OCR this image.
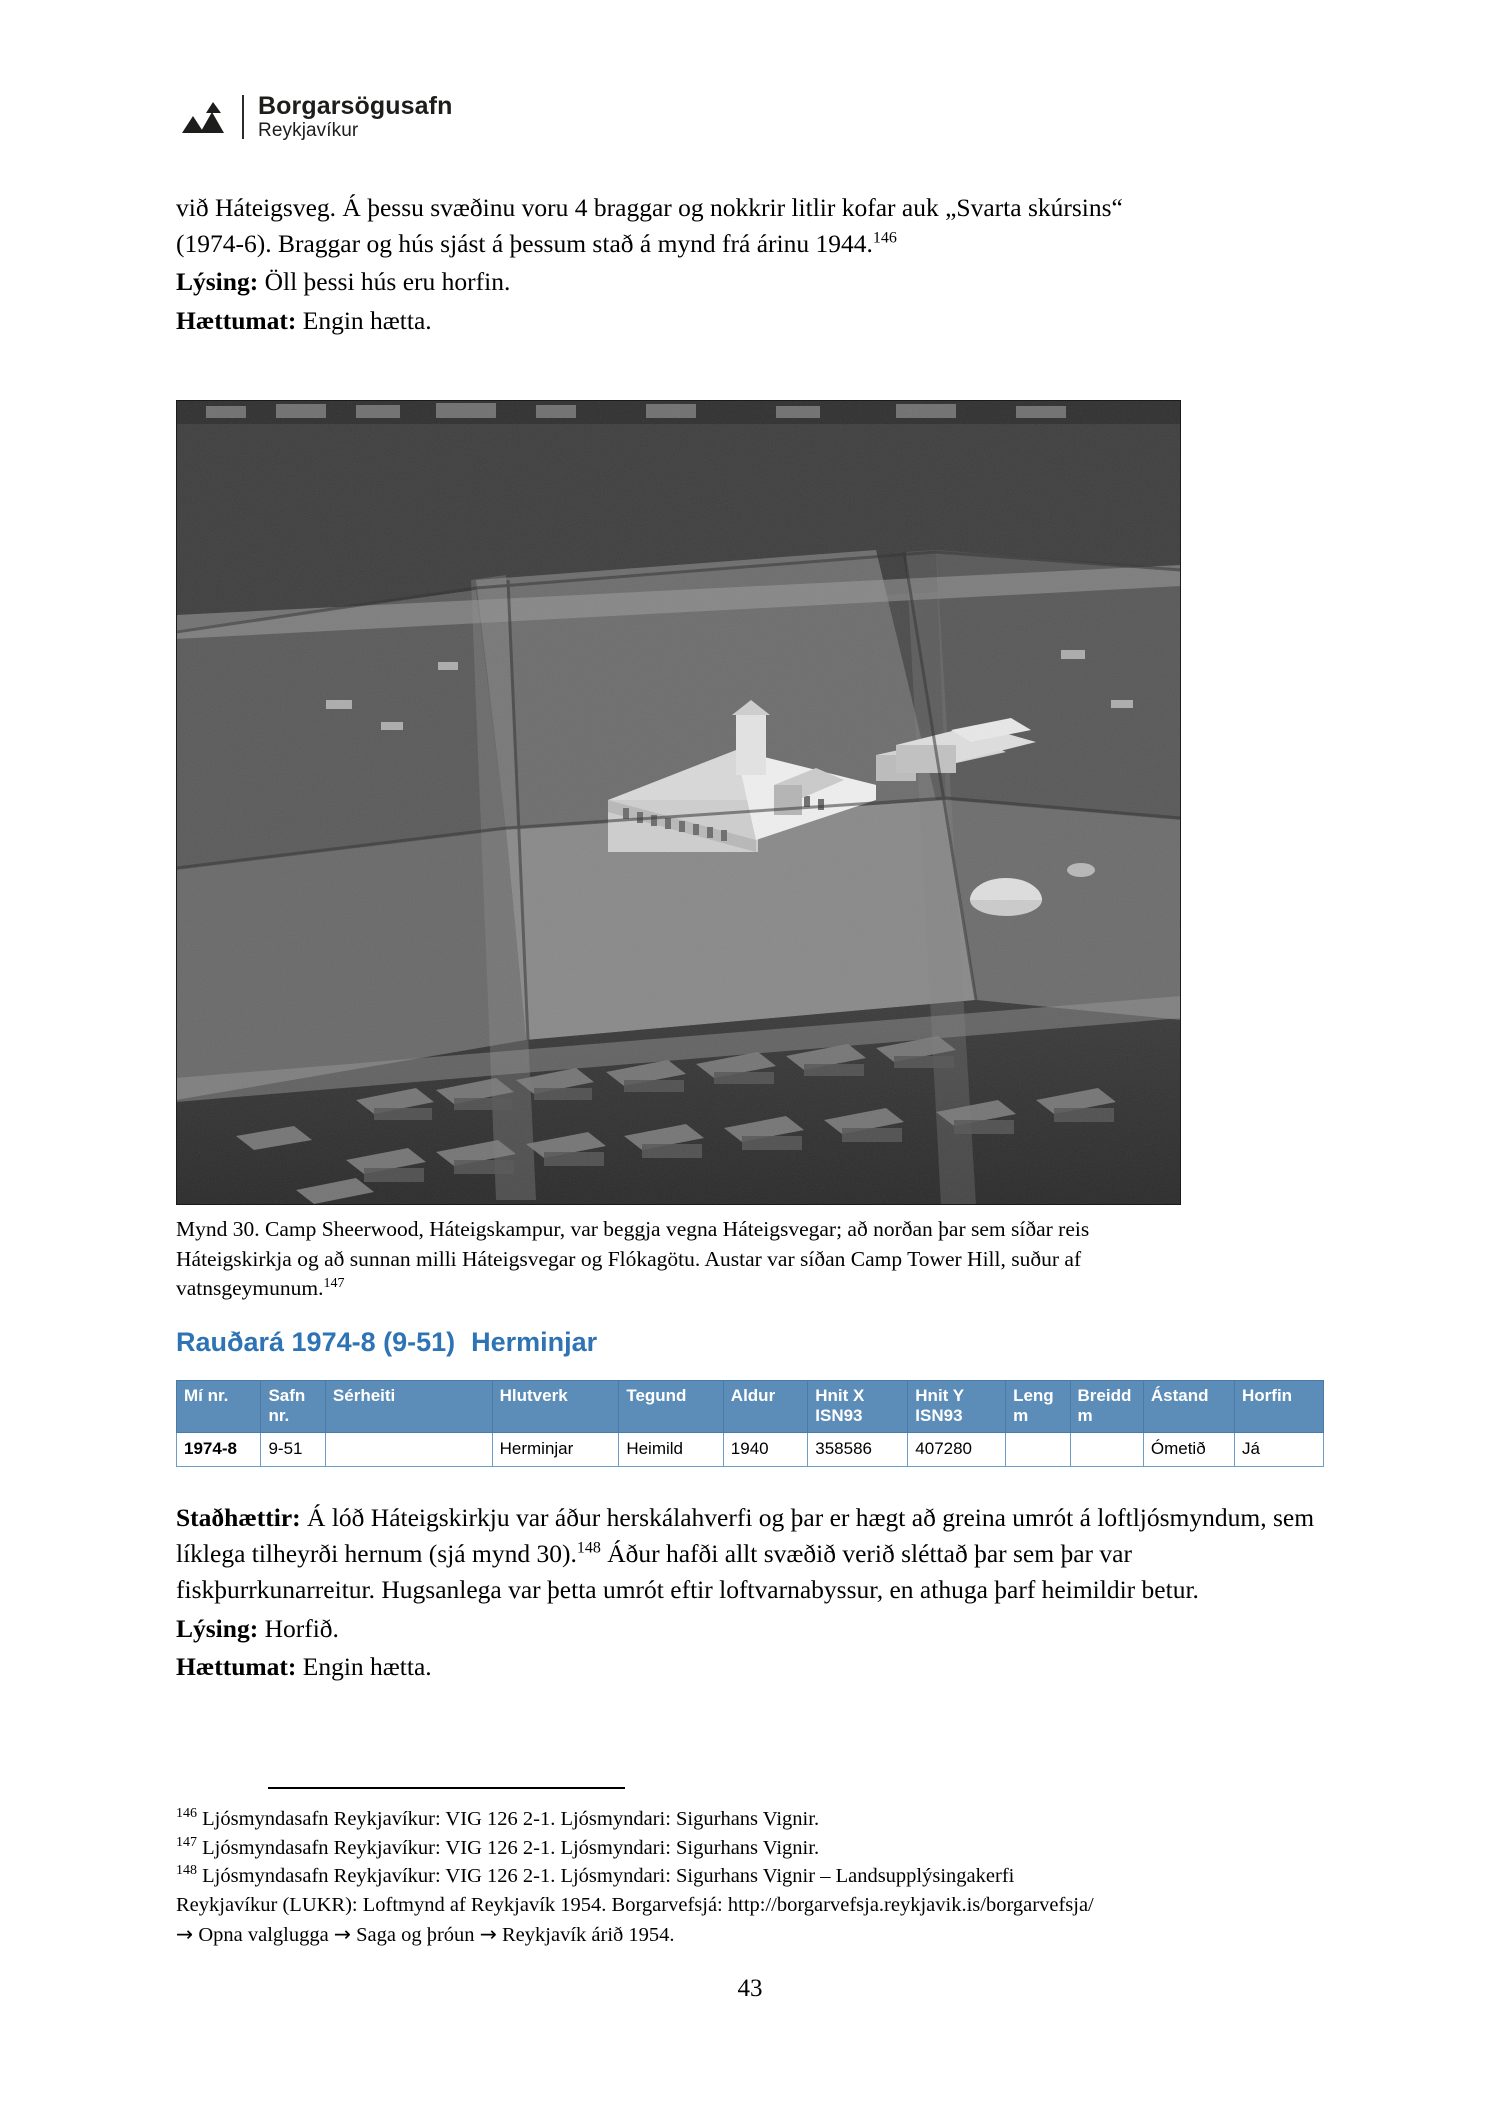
Borgarsögusafn
Reykjavíkur

við Háteigsveg. Á þessu svæðinu voru 4 braggar og nokkrir litlir kofar auk „Svarta skúrsins“
(1974-6). Braggar og hús sjást á þessum stað á mynd frá árinu 1944.$^{146}$

Lýsing: Öll þessi hús eru horfin.

Hættumat: Engin hætta.

Mynd 30. Camp Sheerwood, Háteigskampur, var beggja vegna Háteigsvegar; að norðan þar sem síðar reis Háteigskirkja og að sunnan milli Háteigsvegar og Flókagötu. Austar var síðan Camp Tower Hill, suður af vatnsgeymunum.$^{147}$
Rauðará 1974-8 (9-51) Herminjar
Mí nr.	Safn nr.	Sérheiti	Hlutverk	Tegund	Aldur	Hnit X ISN93	Hnit Y ISN93	Leng m	Breidd m	Ástand	Horfin
1974-8	9-51		Herminjar	Heimild	1940	358586	407280			Ómetið	Já

Staðhættir: Á lóð Háteigskirkju var áður herskálahverfi og þar er hægt að greina umrót á loftljósmyndum, sem líklega tilheyrði hernum (sjá mynd 30).$^{148}$ Áður hafði allt svæðið verið sléttað þar sem þar var fiskþurrkunarreitur. Hugsanlega var þetta umrót eftir loftvarnabyssur, en athuga þarf heimildir betur.

Lýsing: Horfið.

Hættumat: Engin hætta.

$^{146}$ Ljósmyndasafn Reykjavíkur: VIG 126 2-1. Ljósmyndari: Sigurhans Vignir.

$^{147}$ Ljósmyndasafn Reykjavíkur: VIG 126 2-1. Ljósmyndari: Sigurhans Vignir.

$^{148}$ Ljósmyndasafn Reykjavíkur: VIG 126 2-1. Ljósmyndari: Sigurhans Vignir – Landsupplýsingakerfi

Reykjavíkur (LUKR): Loftmynd af Reykjavík 1954. Borgarvefsjá: http://borgarvefsja.reykjavik.is/borgarvefsja/

→ Opna valglugga → Saga og þróun → Reykjavík árið 1954.

43
